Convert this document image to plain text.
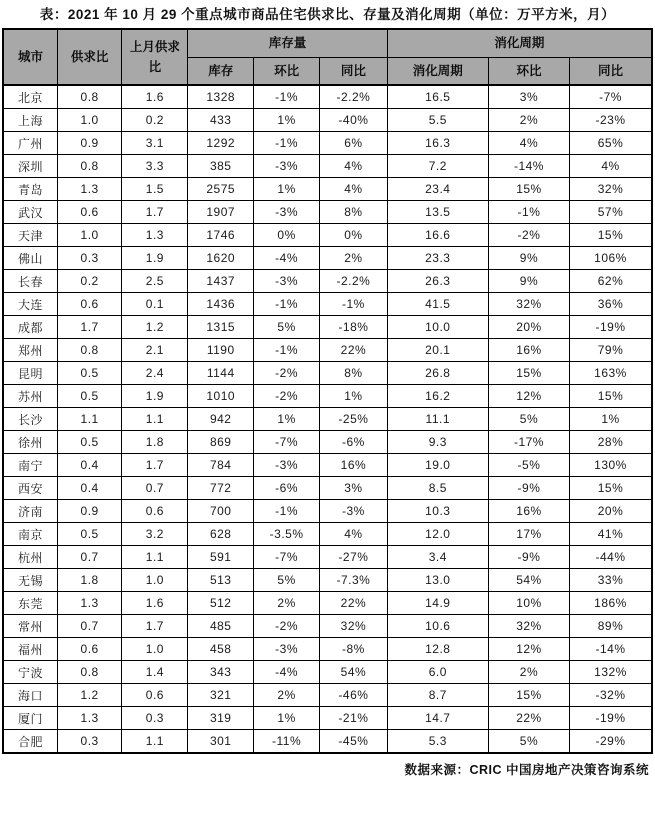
表：2021 年 10 月 29 个重点城市商品住宅供求比、存量及消化周期（单位：万平方米，月）
城市	供求比	上月供求比	库存量			消化周期		
			库存	环比	同比	消化周期	环比	同比
北京	0.8	1.6	1328	-1%	-2.2%	16.5	3%	-7%
上海	1.0	0.2	433	1%	-40%	5.5	2%	-23%
广州	0.9	3.1	1292	-1%	6%	16.3	4%	65%
深圳	0.8	3.3	385	-3%	4%	7.2	-14%	4%
青岛	1.3	1.5	2575	1%	4%	23.4	15%	32%
武汉	0.6	1.7	1907	-3%	8%	13.5	-1%	57%
天津	1.0	1.3	1746	0%	0%	16.6	-2%	15%
佛山	0.3	1.9	1620	-4%	2%	23.3	9%	106%
长春	0.2	2.5	1437	-3%	-2.2%	26.3	9%	62%
大连	0.6	0.1	1436	-1%	-1%	41.5	32%	36%
成都	1.7	1.2	1315	5%	-18%	10.0	20%	-19%
郑州	0.8	2.1	1190	-1%	22%	20.1	16%	79%
昆明	0.5	2.4	1144	-2%	8%	26.8	15%	163%
苏州	0.5	1.9	1010	-2%	1%	16.2	12%	15%
长沙	1.1	1.1	942	1%	-25%	11.1	5%	1%
徐州	0.5	1.8	869	-7%	-6%	9.3	-17%	28%
南宁	0.4	1.7	784	-3%	16%	19.0	-5%	130%
西安	0.4	0.7	772	-6%	3%	8.5	-9%	15%
济南	0.9	0.6	700	-1%	-3%	10.3	16%	20%
南京	0.5	3.2	628	-3.5%	4%	12.0	17%	41%
杭州	0.7	1.1	591	-7%	-27%	3.4	-9%	-44%
无锡	1.8	1.0	513	5%	-7.3%	13.0	54%	33%
东莞	1.3	1.6	512	2%	22%	14.9	10%	186%
常州	0.7	1.7	485	-2%	32%	10.6	32%	89%
福州	0.6	1.0	458	-3%	-8%	12.8	12%	-14%
宁波	0.8	1.4	343	-4%	54%	6.0	2%	132%
海口	1.2	0.6	321	2%	-46%	8.7	15%	-32%
厦门	1.3	0.3	319	1%	-21%	14.7	22%	-19%
合肥	0.3	1.1	301	-11%	-45%	5.3	5%	-29%
数据来源：CRIC 中国房地产决策咨询系统
